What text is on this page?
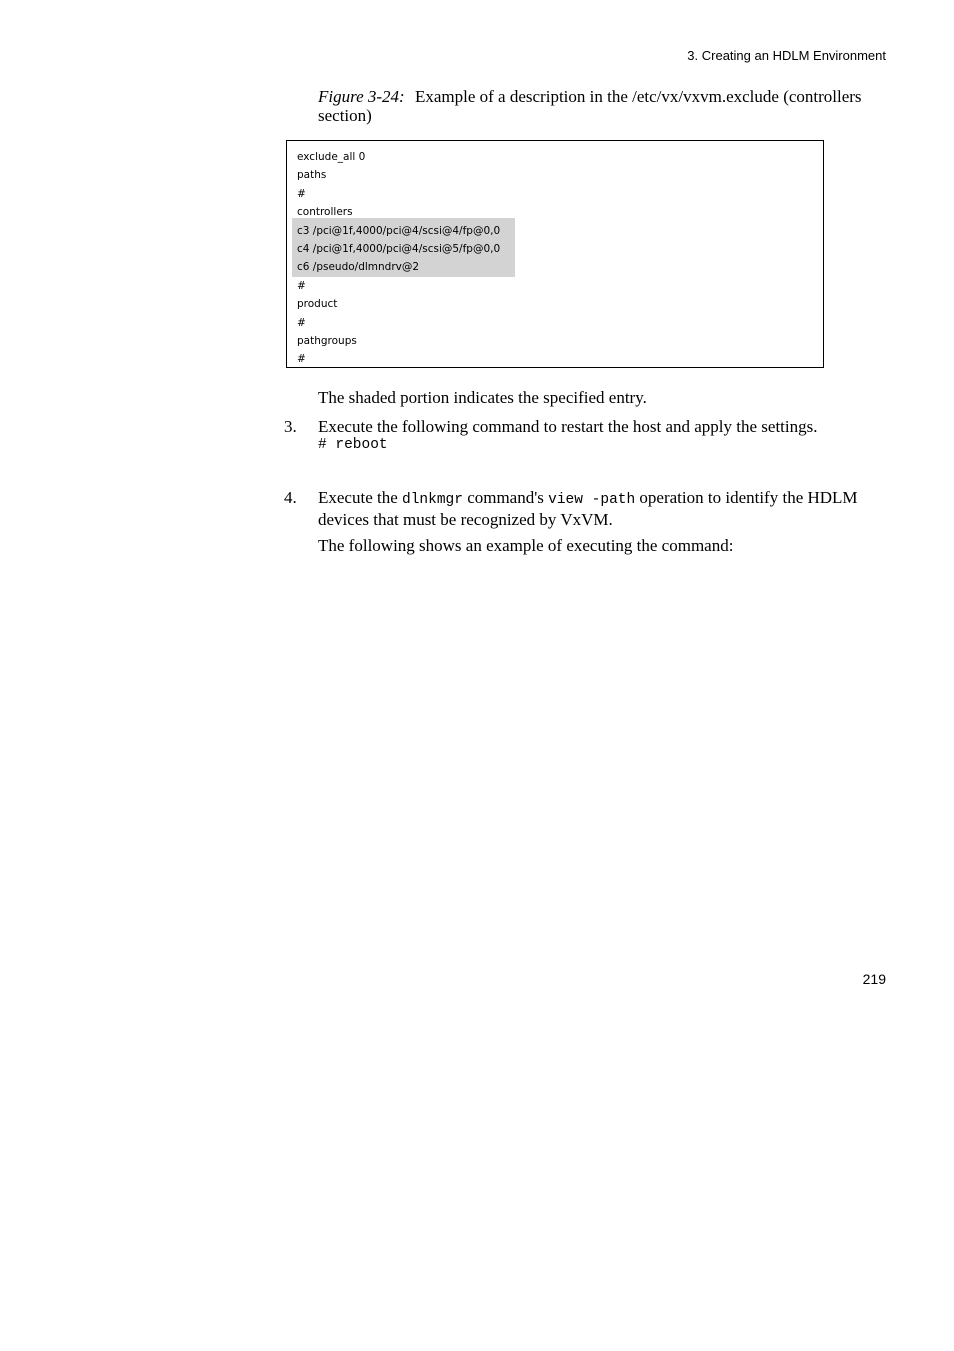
3. Creating an HDLM Environment
Figure 3-24: Example of a description in the /etc/vx/vxvm.exclude (controllers section)
exclude_all 0
paths
#
controllers
c3 /pci@1f,4000/pci@4/scsi@4/fp@0,0
c4 /pci@1f,4000/pci@4/scsi@5/fp@0,0
c6 /pseudo/dlmndrv@2
#
product
#
pathgroups
#
The shaded portion indicates the specified entry.
3. Execute the following command to restart the host and apply the settings.
# reboot
4. Execute the dlnkmgr command's view -path operation to identify the HDLM devices that must be recognized by VxVM.
The following shows an example of executing the command:
219
